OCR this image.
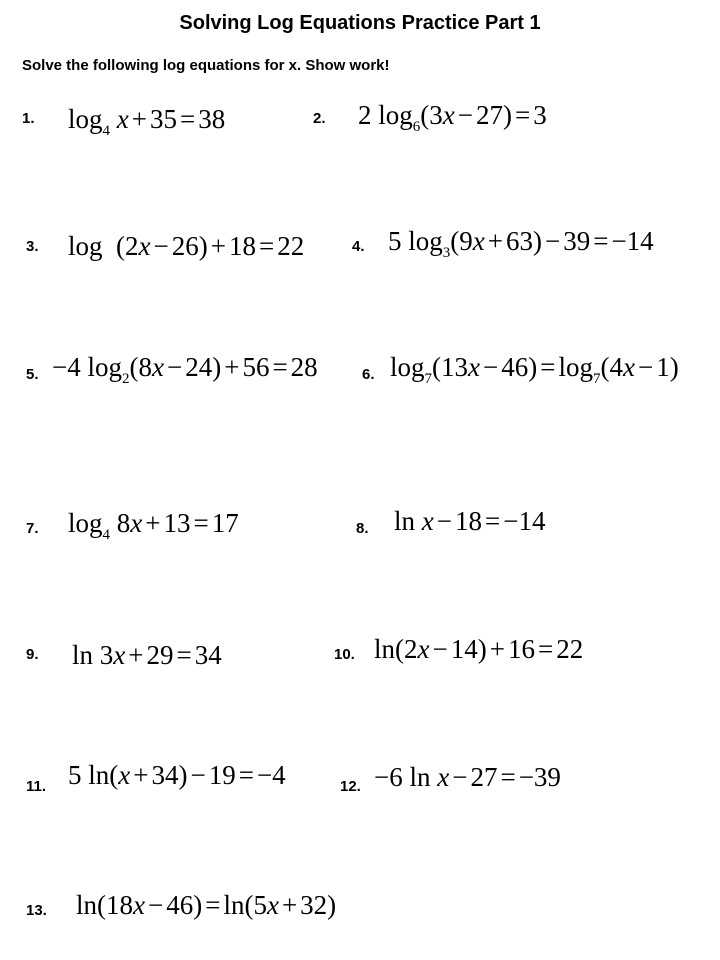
Solving Log Equations Practice Part 1
Solve the following log equations for x. Show work!
1. $\log_4 x + 35 = 38$	2. 2 $\log_6(3x - 27) = 3$
3. log  (2x − 26) + 18 = 22	4. 5 $\log_3(9x + 63) - 39 = -14$
5. −4 $\log_2(8x - 24) + 56 = 28$	6. $\log_7(13x - 46) = \log_7(4x - 1)$
7. $\log_4 8x + 13 = 17$	8. ln x − 18 = −14
9. ln 3x + 29 = 34	10. ln(2x − 14) + 16 = 22
11. 5 ln(x + 34) − 19 = −4	12. −6 ln x − 27 = −39
13. ln(18x − 46) = ln(5x + 32)
